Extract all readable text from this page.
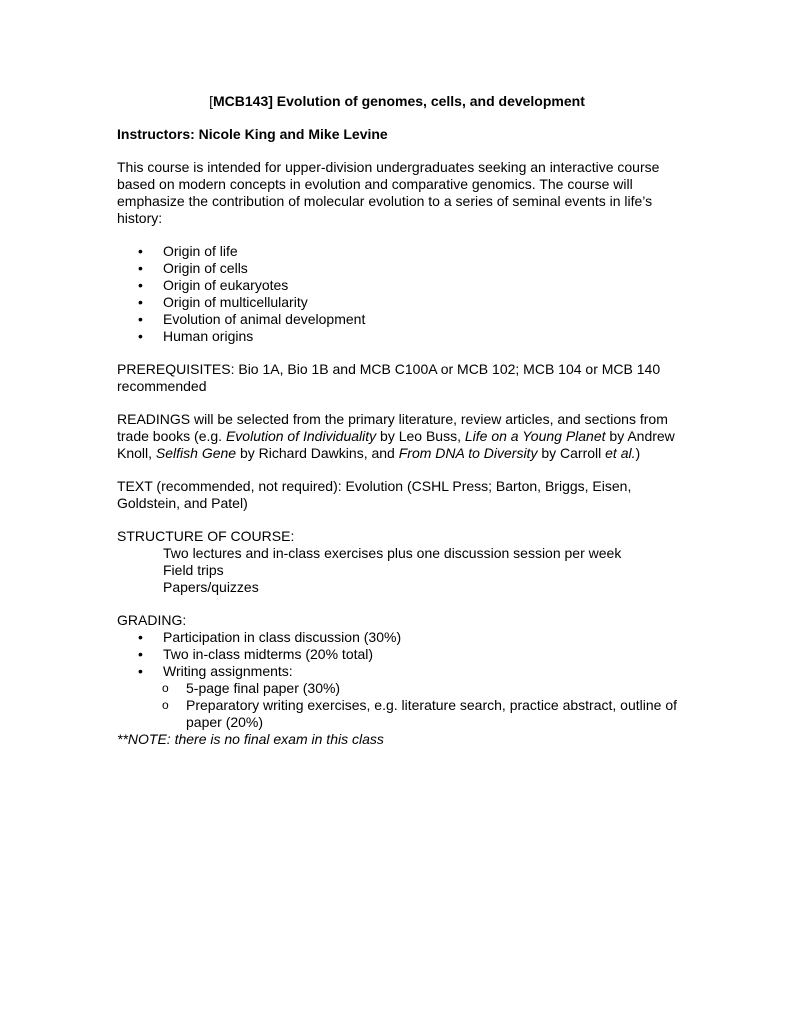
[MCB143] Evolution of genomes, cells, and development
Instructors: Nicole King and Mike Levine

This course is intended for upper-division undergraduates seeking an interactive course based on modern concepts in evolution and comparative genomics. The course will emphasize the contribution of molecular evolution to a series of seminal events in life’s history:

• Origin of life
• Origin of cells
• Origin of eukaryotes
• Origin of multicellularity
• Evolution of animal development
• Human origins

PREREQUISITES: Bio 1A, Bio 1B and MCB C100A or MCB 102; MCB 104 or MCB 140 recommended

READINGS will be selected from the primary literature, review articles, and sections from trade books (e.g. Evolution of Individuality by Leo Buss, Life on a Young Planet by Andrew Knoll, Selfish Gene by Richard Dawkins, and From DNA to Diversity by Carroll et al.)

TEXT (recommended, not required): Evolution (CSHL Press; Barton, Briggs, Eisen, Goldstein, and Patel)

STRUCTURE OF COURSE:
Two lectures and in-class exercises plus one discussion session per week
Field trips
Papers/quizzes
GRADING:
• Participation in class discussion (30%)
• Two in-class midterms (20% total)
• Writing assignments:
o 5-page final paper (30%)
o Preparatory writing exercises, e.g. literature search, practice abstract, outline of paper (20%)
**NOTE: there is no final exam in this class
